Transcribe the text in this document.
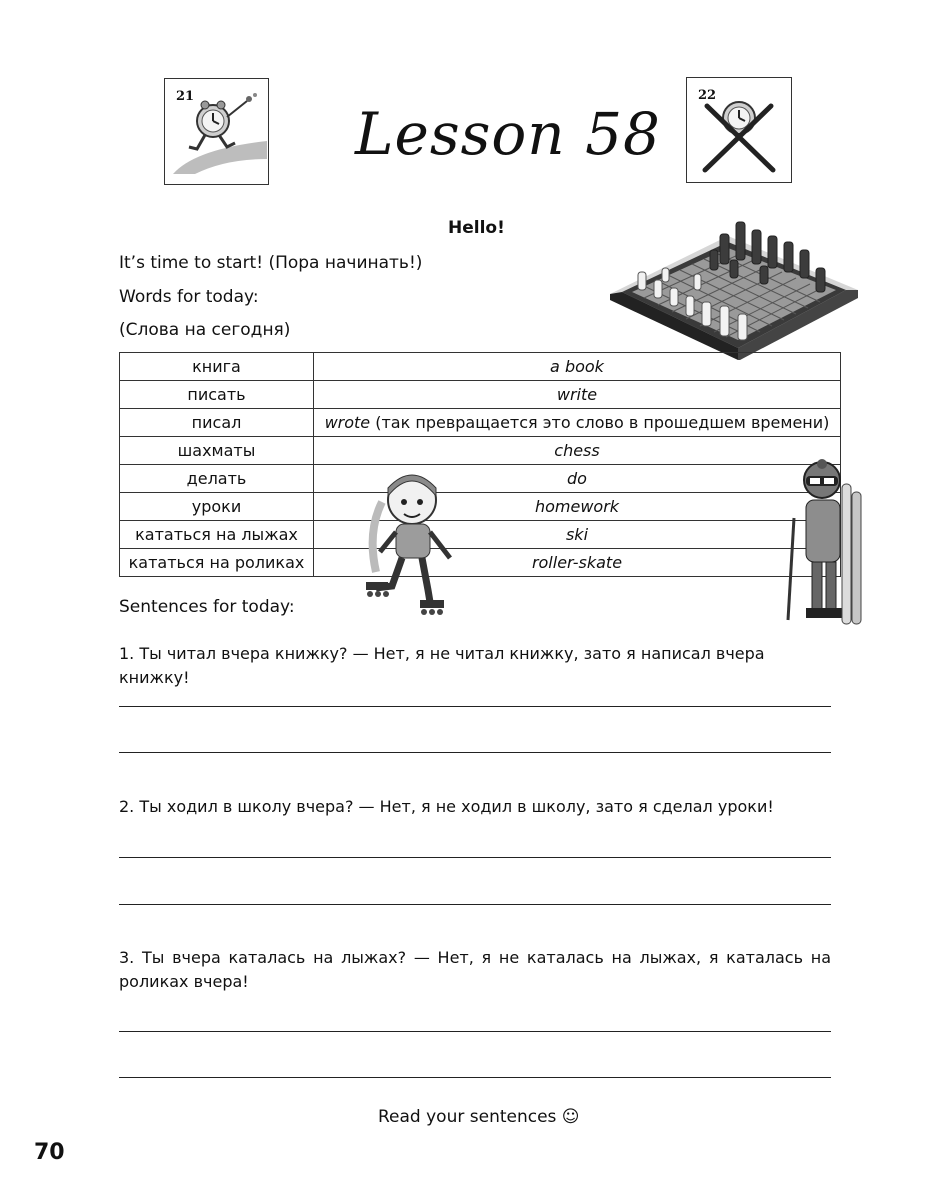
21
Lesson 58
22
Hello!
It’s time to start! (Пора начинать!)
Words for today:
(Слова на сегодня)
книга	a book
писать	write
писал	wrote (так превращается это слово в прошедшем времени)
шахматы	chess
делать	do
уроки	homework
кататься на лыжах	ski
кататься на роликах	roller-skate
Sentences for today:
1. Ты читал вчера книжку? — Нет, я не читал книжку, зато я написал вчера книжку!
2. Ты ходил в школу вчера? — Нет, я не ходил в школу, зато я сделал уроки!
3. Ты вчера каталась на лыжах? — Нет, я не каталась на лыжах, я каталась на роликах вчера!
Read your sentences ☺
70
